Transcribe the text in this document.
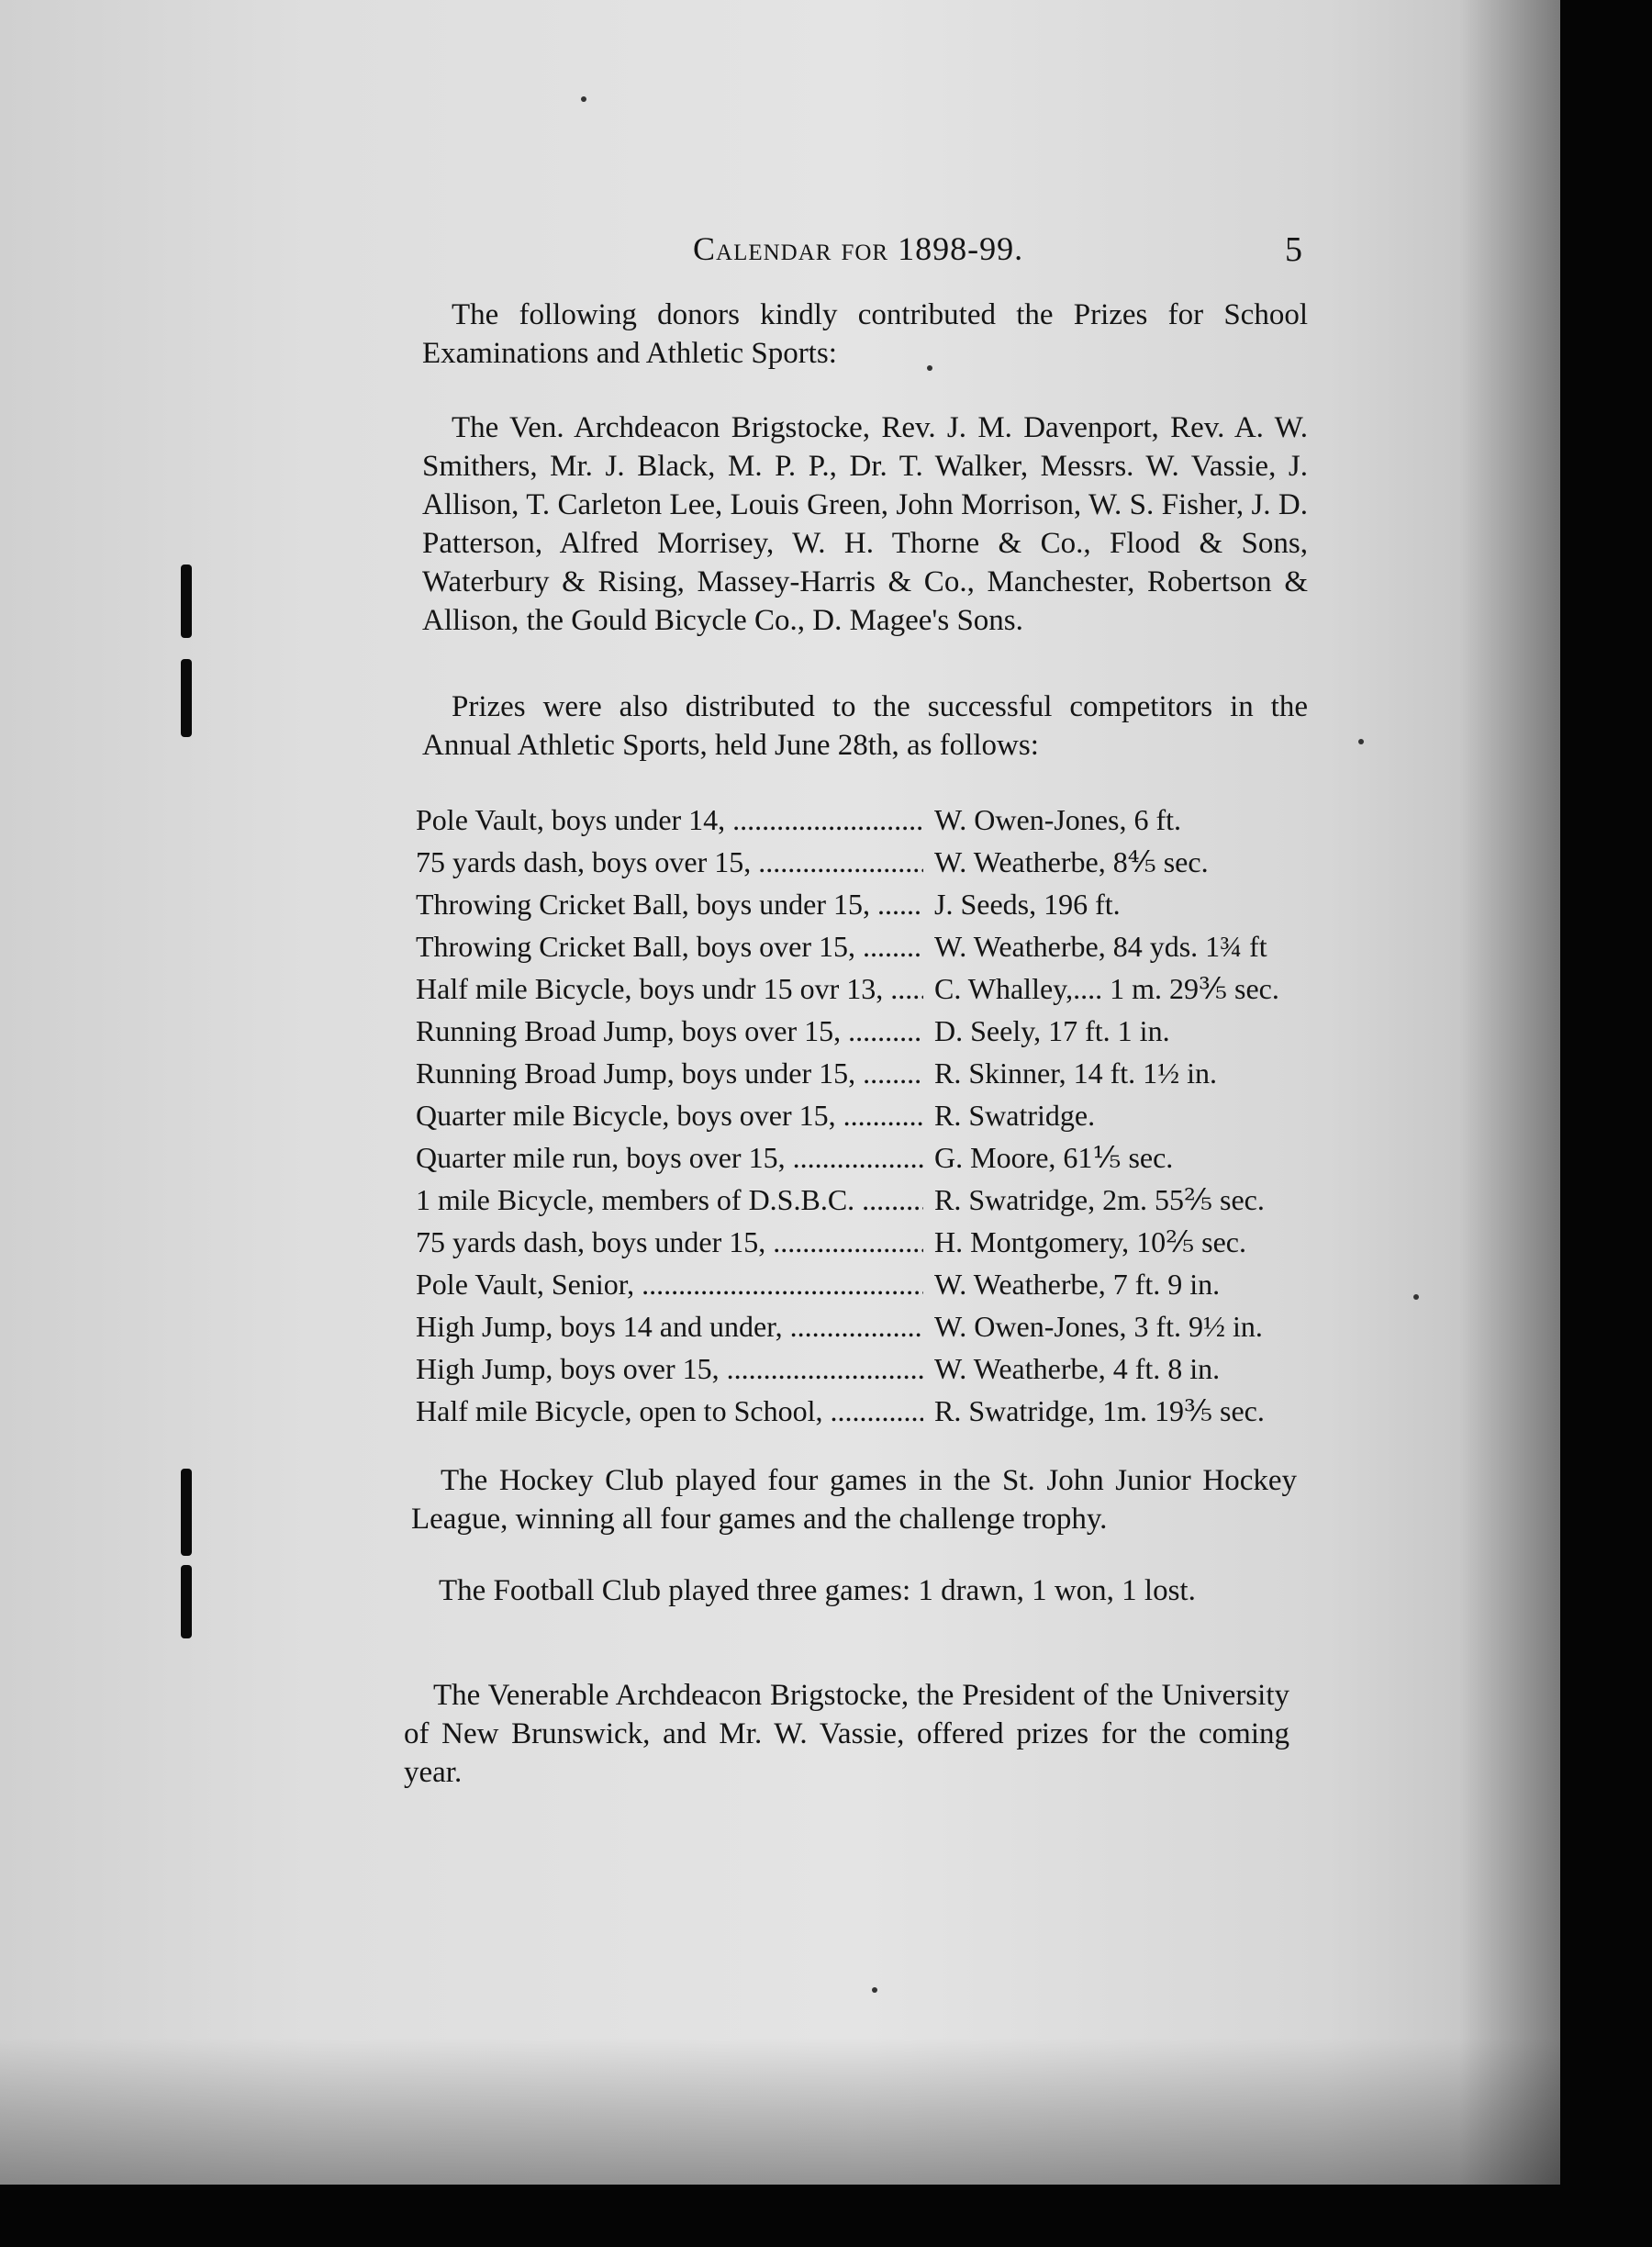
Calendar for 1898-99.	5

The following donors kindly contributed the Prizes for School Examinations and Athletic Sports:

The Ven. Archdeacon Brigstocke, Rev. J. M. Davenport, Rev. A. W. Smithers, Mr. J. Black, M. P. P., Dr. T. Walker, Messrs. W. Vassie, J. Allison, T. Carleton Lee, Louis Green, John Morrison, W. S. Fisher, J. D. Patterson, Alfred Morrisey, W. H. Thorne & Co., Flood & Sons, Waterbury & Rising, Massey-Harris & Co., Manchester, Robertson & Allison, the Gould Bicycle Co., D. Magee's Sons.

Prizes were also distributed to the successful competitors in the Annual Athletic Sports, held June 28th, as follows:

Pole Vault, boys under 14, .....	W. Owen-Jones, 6 ft.
75 yards dash, boys over 15, .....	W. Weatherbe, 8⅘ sec.
Throwing Cricket Ball, boys under 15, .....	J. Seeds, 196 ft.
Throwing Cricket Ball, boys over 15, .....	W. Weatherbe, 84 yds. 1¾ ft
Half mile Bicycle, boys undr 15 ovr 13, .....	C. Whalley,.... 1 m. 29⅗ sec.
Running Broad Jump, boys over 15, .....	D. Seely, 17 ft. 1 in.
Running Broad Jump, boys under 15, .....	R. Skinner, 14 ft. 1½ in.
Quarter mile Bicycle, boys over 15, .....	R. Swatridge.
Quarter mile run, boys over 15, .....	G. Moore, 61⅕ sec.
1 mile Bicycle, members of D.S.B.C. .....	R. Swatridge, 2m. 55⅖ sec.
75 yards dash, boys under 15, .....	H. Montgomery, 10⅖ sec.
Pole Vault, Senior, .....	W. Weatherbe, 7 ft. 9 in.
High Jump, boys 14 and under, .....	W. Owen-Jones, 3 ft. 9½ in.
High Jump, boys over 15, .....	W. Weatherbe, 4 ft. 8 in.
Half mile Bicycle, open to School, .....	R. Swatridge, 1m. 19⅗ sec.

The Hockey Club played four games in the St. John Junior Hockey League, winning all four games and the challenge trophy.

The Football Club played three games: 1 drawn, 1 won, 1 lost.

The Venerable Archdeacon Brigstocke, the President of the University of New Brunswick, and Mr. W. Vassie, offered prizes for the coming year.
